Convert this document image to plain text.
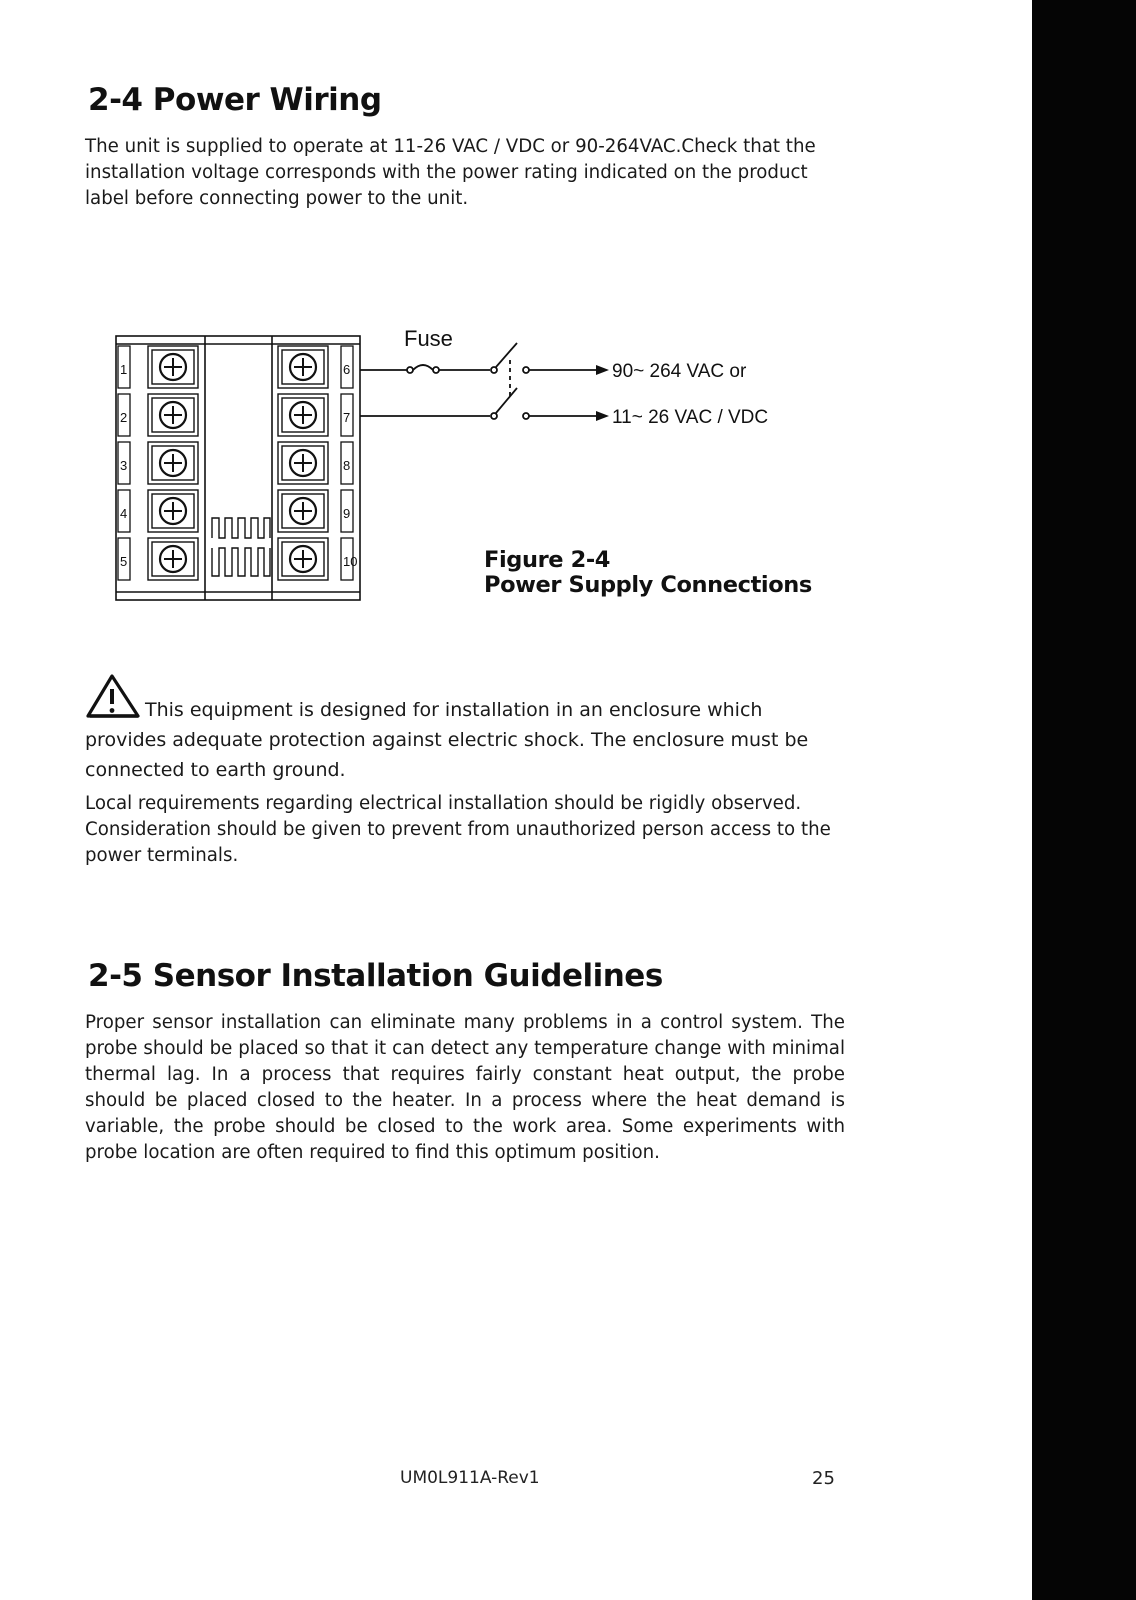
2-4 Power Wiring

The unit is supplied to operate at 11-26 VAC / VDC or 90-264VAC.Check that the installation voltage corresponds with the power rating indicated on the product label before connecting power to the unit.

1
2
3
4
5
6
7
8
9
10
Fuse
90~ 264 VAC or
11~ 26 VAC / VDC

Figure 2-4
Power Supply Connections

This equipment is designed for installation in an enclosure which provides adequate protection against electric shock. The enclosure must be connected to earth ground.

Local requirements regarding electrical installation should be rigidly observed. Consideration should be given to prevent from unauthorized person access to the power terminals.

2-5 Sensor Installation Guidelines

Proper sensor installation can eliminate many problems in a control system. The probe should be placed so that it can detect any temperature change with minimal thermal lag. In a process that requires fairly constant heat output, the probe should be placed closed to the heater. In a process where the heat demand is variable, the probe should be closed to the work area. Some experiments with probe location are often required to find this optimum position.

UM0L911A-Rev1	25
